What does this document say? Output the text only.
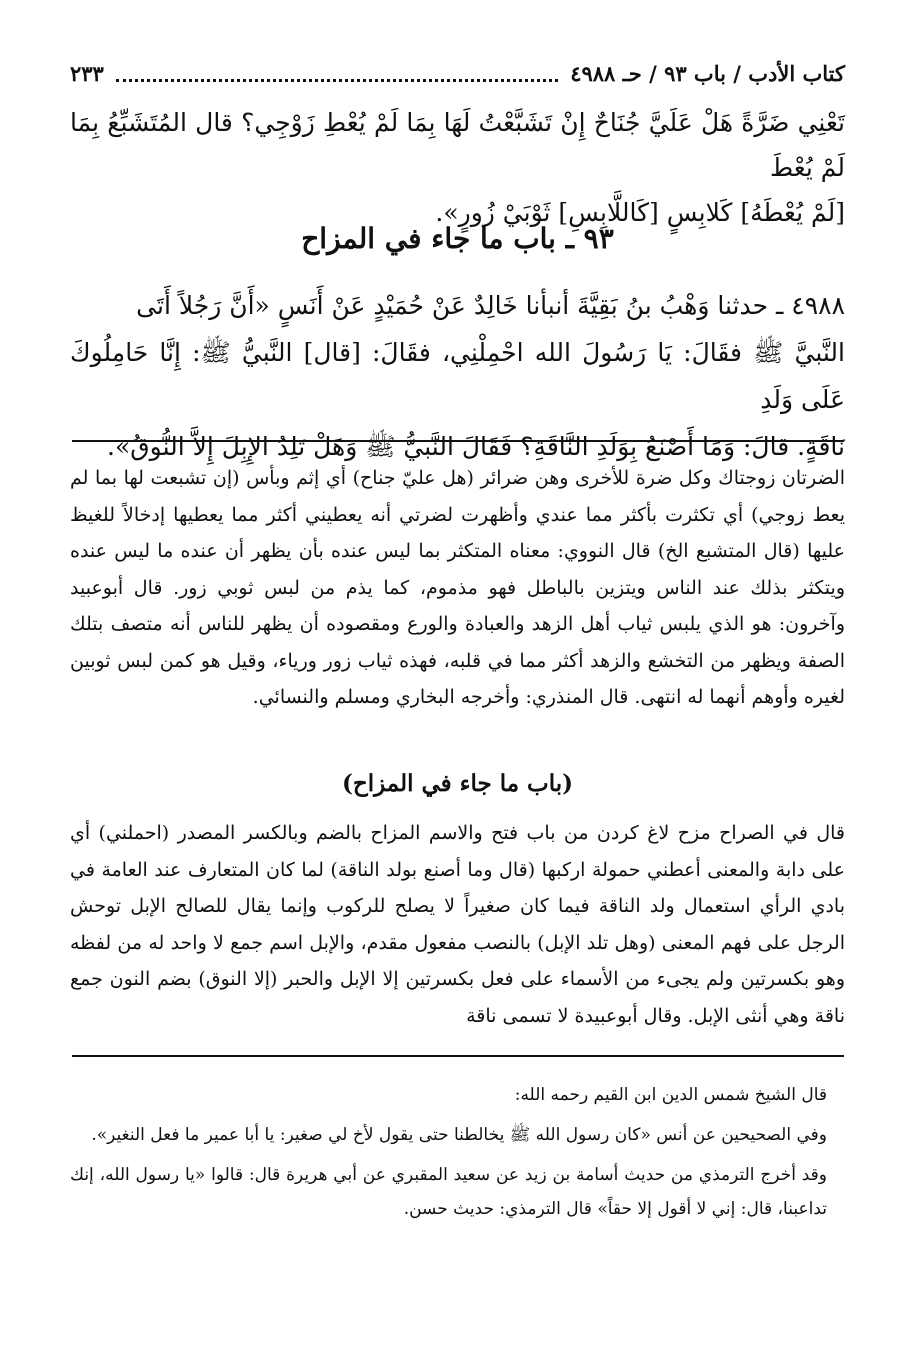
كتاب الأدب / باب ٩٣ / حـ ٤٩٨٨
٢٣٣

تَعْنِي ضَرَّةً هَلْ عَلَيَّ جُنَاحٌ إِنْ تَشَبَّعْتُ لَهَا بِمَا لَمْ يُعْطِ زَوْجِي؟ قال المُتَشَبِّعُ بِمَا لَمْ يُعْطَ

[لَمْ يُعْطَهُ] كَلابِسٍ [كَاللَّابِسِ] ثَوْبَيْ زُورٍ».

٩٣ ـ باب ما جاء في المزاح

٤٩٨٨ ـ حدثنا وَهْبُ بنُ بَقِيَّةَ أنبأنا خَالِدٌ عَنْ حُمَيْدٍ عَنْ أَنَسٍ «أَنَّ رَجُلاً أَتَى

النَّبيَّ ﷺ فقَالَ: يَا رَسُولَ الله احْمِلْنِي، فقَالَ: [قال] النَّبيُّ ﷺ: إِنَّا حَامِلُوكَ عَلَى وَلَدِ

نَاقَةٍ. قالَ: وَمَا أَصْنَعُ بِوَلَدِ النَّاقَةِ؟ فَقَالَ النَّبيُّ ﷺ وَهَلْ تَلِدُ الإِبِلَ إِلاَّ النُّوقُ».

الضرتان زوجتاك وكل ضرة للأخرى وهن ضرائر (هل عليّ جناح) أي إثم وبأس (إن تشبعت لها بما لم يعط زوجي) أي تكثرت بأكثر مما عندي وأظهرت لضرتي أنه يعطيني أكثر مما يعطيها إدخالاً للغيظ عليها (قال المتشبع الخ) قال النووي: معناه المتكثر بما ليس عنده بأن يظهر أن عنده ما ليس عنده ويتكثر بذلك عند الناس ويتزين بالباطل فهو مذموم، كما يذم من لبس ثوبي زور. قال أبوعبيد وآخرون: هو الذي يلبس ثياب أهل الزهد والعبادة والورع ومقصوده أن يظهر للناس أنه متصف بتلك الصفة ويظهر من التخشع والزهد أكثر مما في قلبه، فهذه ثياب زور ورياء، وقيل هو كمن لبس ثوبين لغيره وأوهم أنهما له انتهى. قال المنذري: وأخرجه البخاري ومسلم والنسائي.

(باب ما جاء في المزاح)

قال في الصراح مزح لاغ كردن من باب فتح والاسم المزاح بالضم وبالكسر المصدر (احملني) أي على دابة والمعنى أعطني حمولة اركبها (قال وما أصنع بولد الناقة) لما كان المتعارف عند العامة في بادي الرأي استعمال ولد الناقة فيما كان صغيراً لا يصلح للركوب وإنما يقال للصالح الإبل توحش الرجل على فهم المعنى (وهل تلد الإبل) بالنصب مفعول مقدم، والإبل اسم جمع لا واحد له من لفظه وهو بكسرتين ولم يجىء من الأسماء على فعل بكسرتين إلا الإبل والحبر (إلا النوق) بضم النون جمع ناقة وهي أنثى الإبل. وقال أبوعبيدة لا تسمى ناقة

قال الشيخ شمس الدين ابن القيم رحمه الله:

وفي الصحيحين عن أنس «كان رسول الله ﷺ يخالطنا حتى يقول لأخ لي صغير: يا أبا عمير ما فعل النغير».

وقد أخرج الترمذي من حديث أسامة بن زيد عن سعيد المقبري عن أبي هريرة قال: قالوا «يا رسول الله، إنك تداعبنا، قال: إني لا أقول إلا حقاً» قال الترمذي: حديث حسن.
